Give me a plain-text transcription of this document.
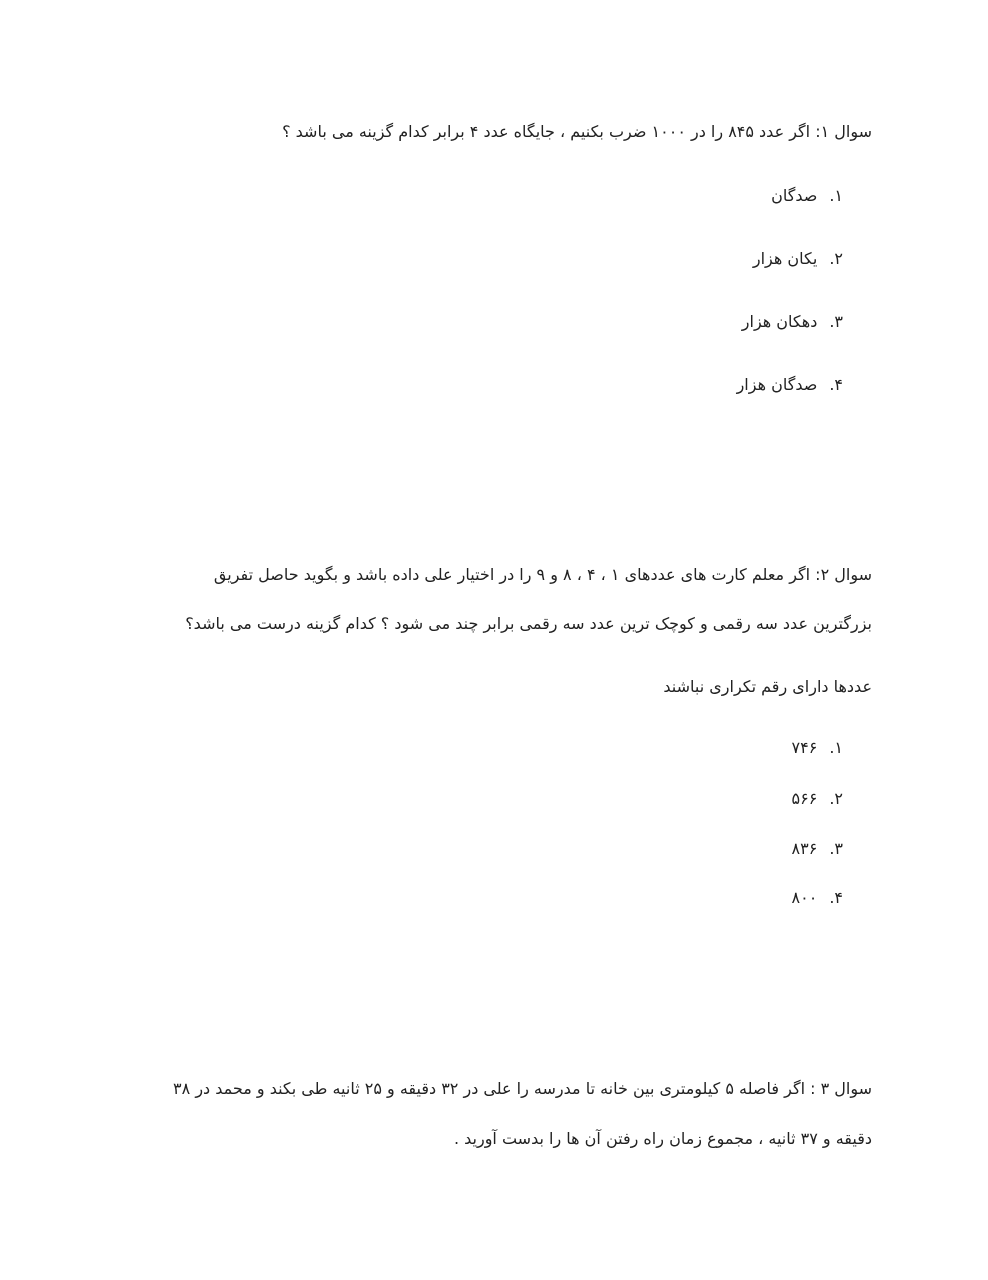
سوال ۱: اگر عدد ۸۴۵ را در ۱۰۰۰ ضرب بکنیم ، جایگاه عدد ۴ برابر کدام گزینه می باشد ؟

۱.صدگان

۲.یکان هزار

۳.دهکان هزار

۴.صدگان هزار

سوال ۲: اگر معلم کارت های عددهای ۱ ، ۴ ، ۸ و ۹ را در اختیار علی داده باشد و بگوید حاصل تفریق

بزرگترین عدد سه رقمی و کوچک ترین عدد سه رقمی برابر چند می شود ؟ کدام گزینه درست می باشد؟

عددها دارای رقم تکراری نباشند

۱.۷۴۶

۲.۵۶۶

۳.۸۳۶

۴.۸۰۰

سوال ۳ : اگر فاصله ۵ کیلومتری بین خانه تا مدرسه را علی در ۳۲ دقیقه و ۲۵ ثانیه طی بکند و محمد در ۳۸

دقیقه و ۳۷ ثانیه ، مجموع زمان راه رفتن آن ها را بدست آورید .
